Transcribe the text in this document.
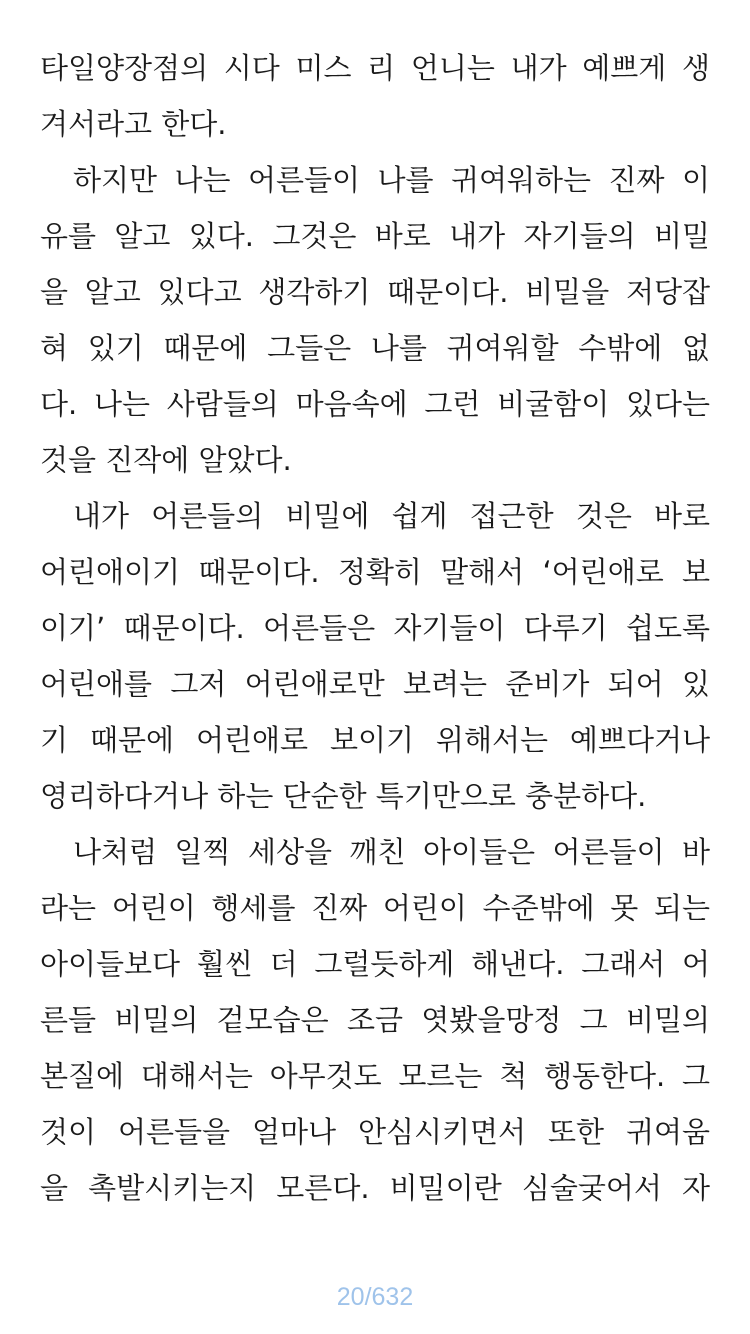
타일양장점의 시다 미스 리 언니는 내가 예쁘게 생
겨서라고 한다.
하지만 나는 어른들이 나를 귀여워하는 진짜 이
유를 알고 있다. 그것은 바로 내가 자기들의 비밀
을 알고 있다고 생각하기 때문이다. 비밀을 저당잡
혀 있기 때문에 그들은 나를 귀여워할 수밖에 없
다. 나는 사람들의 마음속에 그런 비굴함이 있다는
것을 진작에 알았다.
내가 어른들의 비밀에 쉽게 접근한 것은 바로
어린애이기 때문이다. 정확히 말해서 ‘어린애로 보
이기’ 때문이다. 어른들은 자기들이 다루기 쉽도록
어린애를 그저 어린애로만 보려는 준비가 되어 있
기 때문에 어린애로 보이기 위해서는 예쁘다거나
영리하다거나 하는 단순한 특기만으로 충분하다.
나처럼 일찍 세상을 깨친 아이들은 어른들이 바
라는 어린이 행세를 진짜 어린이 수준밖에 못 되는
아이들보다 훨씬 더 그럴듯하게 해낸다. 그래서 어
른들 비밀의 겉모습은 조금 엿봤을망정 그 비밀의
본질에 대해서는 아무것도 모르는 척 행동한다. 그
것이 어른들을 얼마나 안심시키면서 또한 귀여움
을 촉발시키는지 모른다. 비밀이란 심술궂어서 자
20/632
